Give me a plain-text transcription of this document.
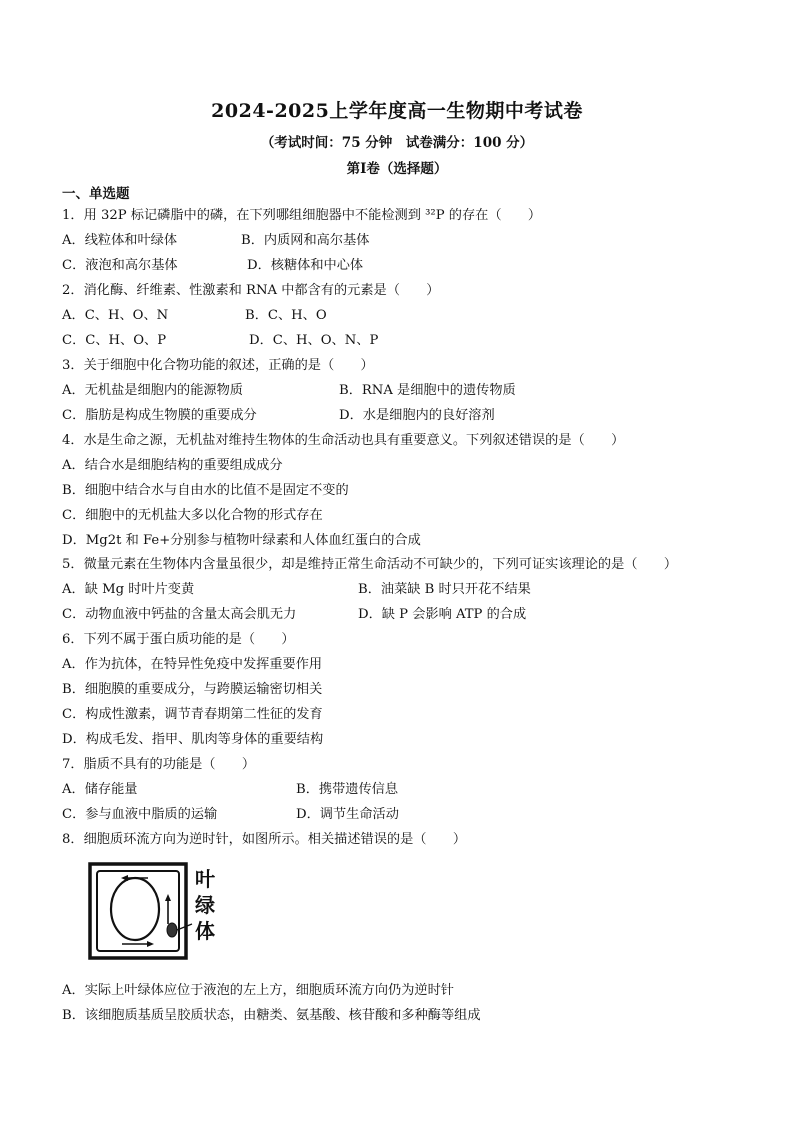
2024-2025上学年度高一生物期中考试卷
（考试时间：75 分钟　试卷满分：100 分）
第Ⅰ卷（选择题）
一、单选题
1．用 32P 标记磷脂中的磷，在下列哪组细胞器中不能检测到 ³²P 的存在（　　）
A．线粒体和叶绿体	B．内质网和高尔基体
C．液泡和高尔基体	D．核糖体和中心体
2．消化酶、纤维素、性激素和 RNA 中都含有的元素是（　　）
A．C、H、O、N	B．C、H、O
C．C、H、O、P	D．C、H、O、N、P
3．关于细胞中化合物功能的叙述，正确的是（　　）
A．无机盐是细胞内的能源物质	B．RNA 是细胞中的遗传物质
C．脂肪是构成生物膜的重要成分	D．水是细胞内的良好溶剂
4．水是生命之源，无机盐对维持生物体的生命活动也具有重要意义。下列叙述错误的是（　　）
A．结合水是细胞结构的重要组成成分
B．细胞中结合水与自由水的比值不是固定不变的
C．细胞中的无机盐大多以化合物的形式存在
D．Mg2t 和 Fe+分别参与植物叶绿素和人体血红蛋白的合成
5．微量元素在生物体内含量虽很少，却是维持正常生命活动不可缺少的，下列可证实该理论的是（　　）
A．缺 Mg 时叶片变黄	B．油菜缺 B 时只开花不结果
C．动物血液中钙盐的含量太高会肌无力	D．缺 P 会影响 ATP 的合成
6．下列不属于蛋白质功能的是（　　）
A．作为抗体，在特异性免疫中发挥重要作用
B．细胞膜的重要成分，与跨膜运输密切相关
C．构成性激素，调节青春期第二性征的发育
D．构成毛发、指甲、肌肉等身体的重要结构
7．脂质不具有的功能是（　　）
A．储存能量	B．携带遗传信息
C．参与血液中脂质的运输	D．调节生命活动
8．细胞质环流方向为逆时针，如图所示。相关描述错误的是（　　）
叶绿体
A．实际上叶绿体应位于液泡的左上方，细胞质环流方向仍为逆时针
B．该细胞质基质呈胶质状态，由糖类、氨基酸、核苷酸和多种酶等组成
